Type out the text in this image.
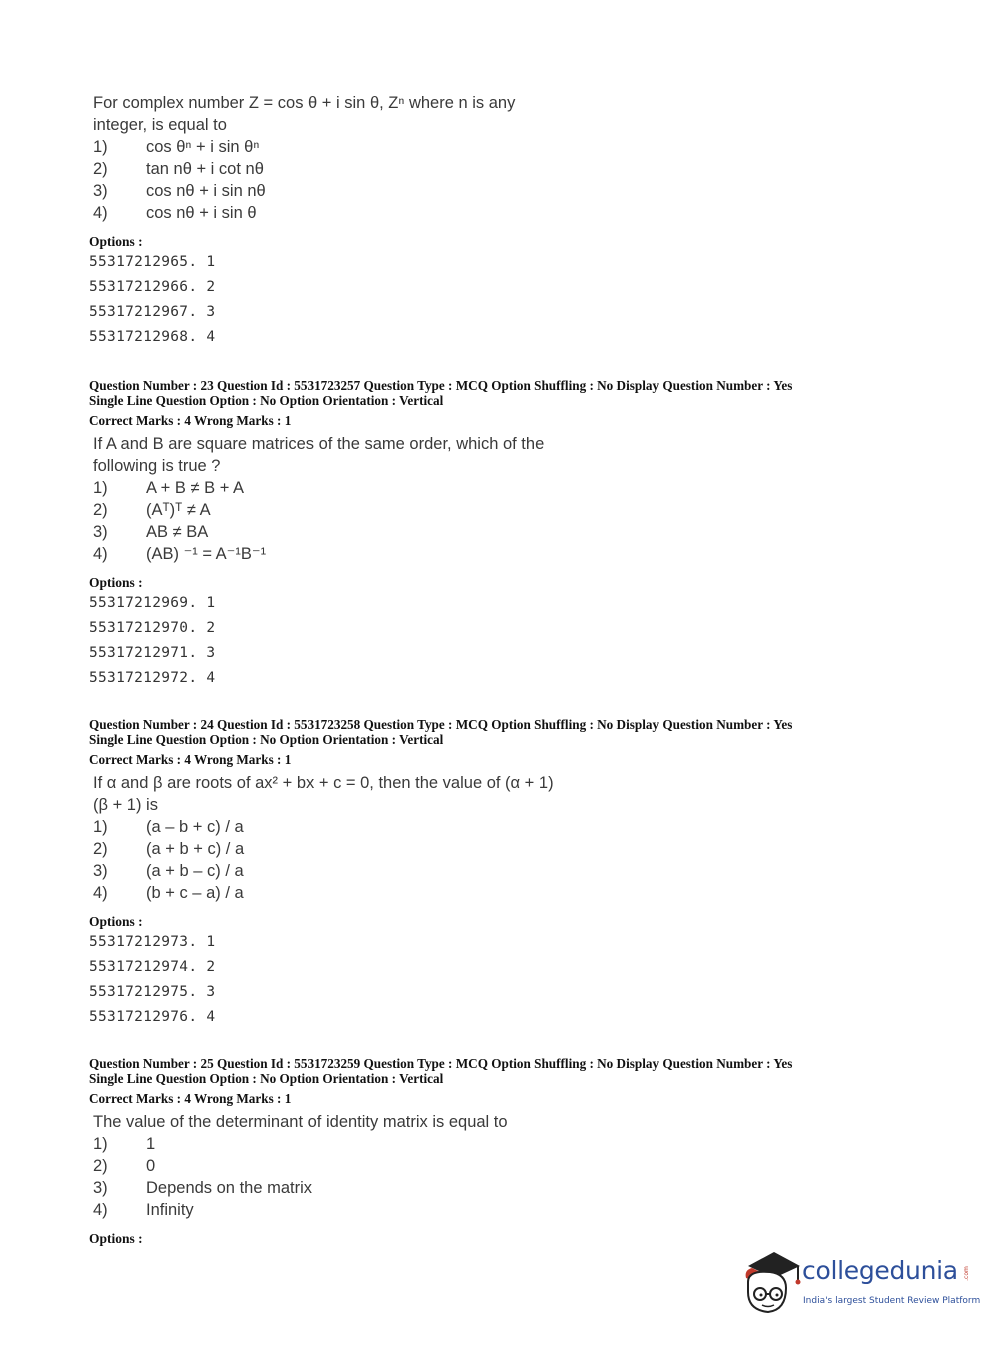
For complex number Z = cos θ + i sin θ, Zⁿ where n is any
integer, is equal to
1)	cos θⁿ + i sin θⁿ
2)	tan nθ + i cot nθ
3)	cos nθ + i sin nθ
4)	cos nθ + i sin θ
Options :
55317212965. 1
55317212966. 2
55317212967. 3
55317212968. 4
Question Number : 23 Question Id : 5531723257 Question Type : MCQ Option Shuffling : No Display Question Number : Yes
Single Line Question Option : No Option Orientation : Vertical
Correct Marks : 4 Wrong Marks : 1
If A and B are square matrices of the same order, which of the
following is true ?
1)	A + B ≠ B + A
2)	(Aᵀ)ᵀ ≠ A
3)	AB ≠ BA
4)	(AB) ⁻¹ = A⁻¹B⁻¹
Options :
55317212969. 1
55317212970. 2
55317212971. 3
55317212972. 4
Question Number : 24 Question Id : 5531723258 Question Type : MCQ Option Shuffling : No Display Question Number : Yes
Single Line Question Option : No Option Orientation : Vertical
Correct Marks : 4 Wrong Marks : 1
If α and β are roots of ax² + bx + c = 0, then the value of (α + 1)
(β + 1) is
1)	(a – b + c) / a
2)	(a + b + c) / a
3)	(a + b – c) / a
4)	(b + c – a) / a
Options :
55317212973. 1
55317212974. 2
55317212975. 3
55317212976. 4
Question Number : 25 Question Id : 5531723259 Question Type : MCQ Option Shuffling : No Display Question Number : Yes
Single Line Question Option : No Option Orientation : Vertical
Correct Marks : 4 Wrong Marks : 1
The value of the determinant of identity matrix is equal to
1)	1
2)	0
3)	Depends on the matrix
4)	Infinity
Options :
collegedunia .com
India's largest Student Review Platform
